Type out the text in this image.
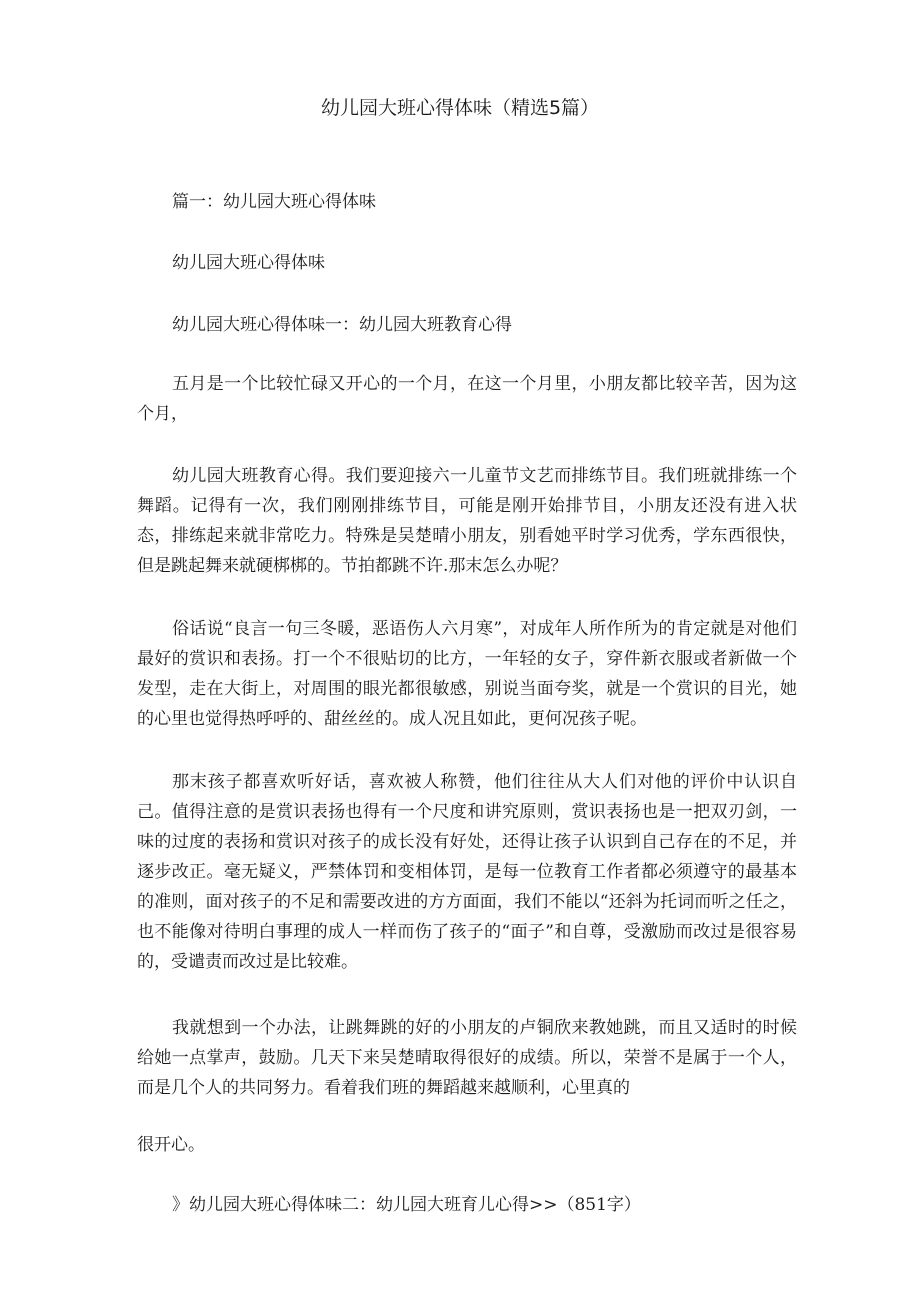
幼儿园大班心得体味（精选5篇）
篇一：幼儿园大班心得体味
幼儿园大班心得体味
幼儿园大班心得体味一：幼儿园大班教育心得

五月是一个比较忙碌又开心的一个月，在这一个月里，小朋友都比较辛苦，因为这个月，

幼儿园大班教育心得。我们要迎接六一儿童节文艺而排练节目。我们班就排练一个舞蹈。记得有一次，我们刚刚排练节目，可能是刚开始排节目，小朋友还没有进入状态，排练起来就非常吃力。特殊是吴楚晴小朋友，别看她平时学习优秀，学东西很快，但是跳起舞来就硬梆梆的。节拍都跳不许.那末怎么办呢？

俗话说“良言一句三冬暖，恶语伤人六月寒”，对成年人所作所为的肯定就是对他们最好的赏识和表扬。打一个不很贴切的比方，一年轻的女子，穿件新衣服或者新做一个发型，走在大街上，对周围的眼光都很敏感，别说当面夸奖，就是一个赏识的目光，她的心里也觉得热呼呼的、甜丝丝的。成人况且如此，更何况孩子呢。

那末孩子都喜欢听好话，喜欢被人称赞，他们往往从大人们对他的评价中认识自己。值得注意的是赏识表扬也得有一个尺度和讲究原则，赏识表扬也是一把双刃剑，一味的过度的表扬和赏识对孩子的成长没有好处，还得让孩子认识到自己存在的不足，并逐步改正。毫无疑义，严禁体罚和变相体罚，是每一位教育工作者都必须遵守的最基本的准则，面对孩子的不足和需要改进的方方面面，我们不能以“还斜为托词而听之任之，也不能像对待明白事理的成人一样而伤了孩子的“面子”和自尊，受激励而改过是很容易的，受谴责而改过是比较难。

我就想到一个办法，让跳舞跳的好的小朋友的卢铜欣来教她跳，而且又适时的时候给她一点掌声，鼓励。几天下来吴楚晴取得很好的成绩。所以，荣誉不是属于一个人，而是几个人的共同努力。看着我们班的舞蹈越来越顺利，心里真的

很开心。

》幼儿园大班心得体味二：幼儿园大班育儿心得>>（851字）
